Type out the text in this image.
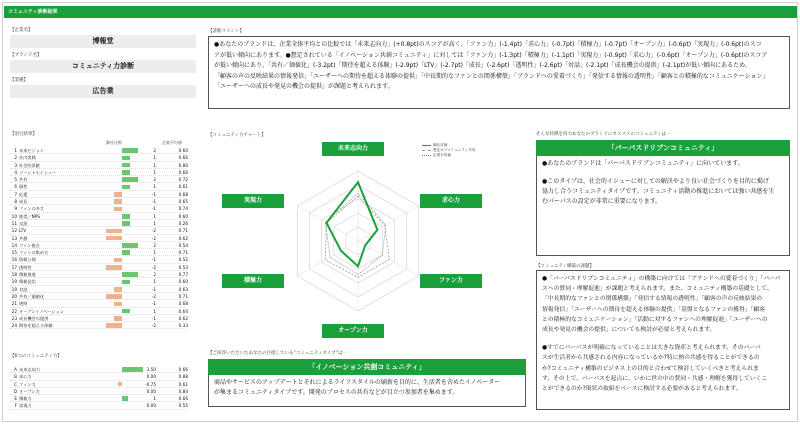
コミュニティ診断結果
【企業名】
博報堂
【ブランド名】
コミュニティ力診断
【業種】
広告業
【診断コメント】

●あなたのブランドは、企業全体平均との比較では「未来志向力」(+0.8pt)のスコアが高く、「ファン力」(-1.4pt)「求心力」(-0.7pt)「積極力」(-0.7pt)「オープン力」(-0.6pt)「実現力」(-0.6pt)のスコ

アが低い傾向にあります。●想定されている「イノベーション共創コミュニティ」に対しては「ファン力」(-1.3pt)「積極力」(-1.1pt)「実現力」(-0.9pt)「求心力」(-0.6pt)「オープン力」(-0.6pt)のスコア

が低い傾向にあり、「共有／価値化」(-3.2pt)「期待を超える体験」(-2.9pt)「LTV」(-2.7pt)「成長」(-2.6pt)「透明性」(-2.6pt)「対話」(-2.1pt)「成長機会の提供」(-2.1pt)が低い傾向にあるため、

「顧客の声の反映結果の情報発信」「ユーザーへの期待を超える体験の提供」「中長期的なファンとの関係構築」「ブランドへの愛着づくり」「発信する情報の透明性」「顧客との積極的なコミュニケーション」

「ユーザーへの成長や発見の機会の提供」が課題と考えられます。

【項目結果】
御社比較	企業平均値
1 未来ビジョン	2	0.60
2 社内実践	1	0.66
3 社会的貢献	1	0.80
4 ソーシャルイシュー	1	0.66
5 共有	2	0.72
6 個性	1	0.61
7 応援	-1	0.68
8 成長	-1	0.65
9 ファンの多さ	-1	0.74
10 推奨／NPS	1	0.60
11 交流	1	0.26
12 LTV	-2	0.71
13 共創	-2	0.62
14 ファン接点	2	0.54
15 ファンの集め方	1	0.71
16 情報公開	-1	0.52
17 透明性	-2	0.53
18 積極推進	2	0.77
19 積極発信	1	0.60
19 対話	-1	0.63
20 共有／価値化	-2	0.71
21 透明	-1	0.68
22 オープンイノベーション	1	0.64
23 成長機会の提供	-1	0.62
24 期待を超える体験	-2	0.33
【6つのコミュニティ力】
A 未来志向力	3.50	0.66
B 求心力	0.00	0.88
C ファン力	-0.75	0.61
D オープン力	0.00	0.84
E 積極力	1	0.66
F 実現力	0.00	0.55
【コミュニティ力チャート】
未来志向力
求心力
ファン力
オープン力
積極力
実現力
御社評価
想定オブコミュニティ平均
企業平均値
【ご回答いただいたあなたの目指している“コミュニティタイプ”は一
「イノベーション共創コミュニティ」

商品やサービスのアップデートとそれによるライフスタイルの刷新を目的に、生活者を含めたイノベーター

が集まるコミュニティタイプです。開発のプロセスの共有などが目立つ参加者を集めます。

そんな特徴を持つあなたのブランドにオススメのコミュニティは一
「パーパスドリブンコミュニティ」

●あなたのブランドは「パーパスドリブンコミュニティ」に向いています。

●このタイプは、社会的イシューに対しての解決やより良い社会づくりを目的に掲げ

協力し合うコミュニティタイプです。コミュニティ活動の推進においては強い共感を生

むパーパスの設定が非常に重要になります。

【コミュニティ構築の課題】

●「パーパスドリブンコミュニティ」の構築に向けては「ブランドへの愛着づくり」「パーパ

スへの賛同・理解促進」が課題と考えられます。また、コミュニティ構築の基礎として、

「中長期的なファンとの関係構築」「発信する情報の透明性」「顧客の声の反映結果の

情報発信」「ユーザーへの期待を超える体験の提供」「基盤となるファンの獲得」「顧客

との積極的なコミュニケーション」「活動に対するファンへの理解促進」「ユーザーへの

成長や発見の機会の提供」についても検討が必要と考えられます。

●すでにパーパスが明確になっていることは大きな資産と考えられます。そのパーパ

スが生活者から共感される内容になっているか?特に熱の共感を得ることができるの

か?コミュニティ構築のビジネス上の目的と合わせて検討していくべきと考えられま

す。その上で、パーパスを起点に、いかに世の中の賛同・共感・理解を獲得していくこ

とができるのか?現状の取組をベースに検討する必要があると考えられます。
